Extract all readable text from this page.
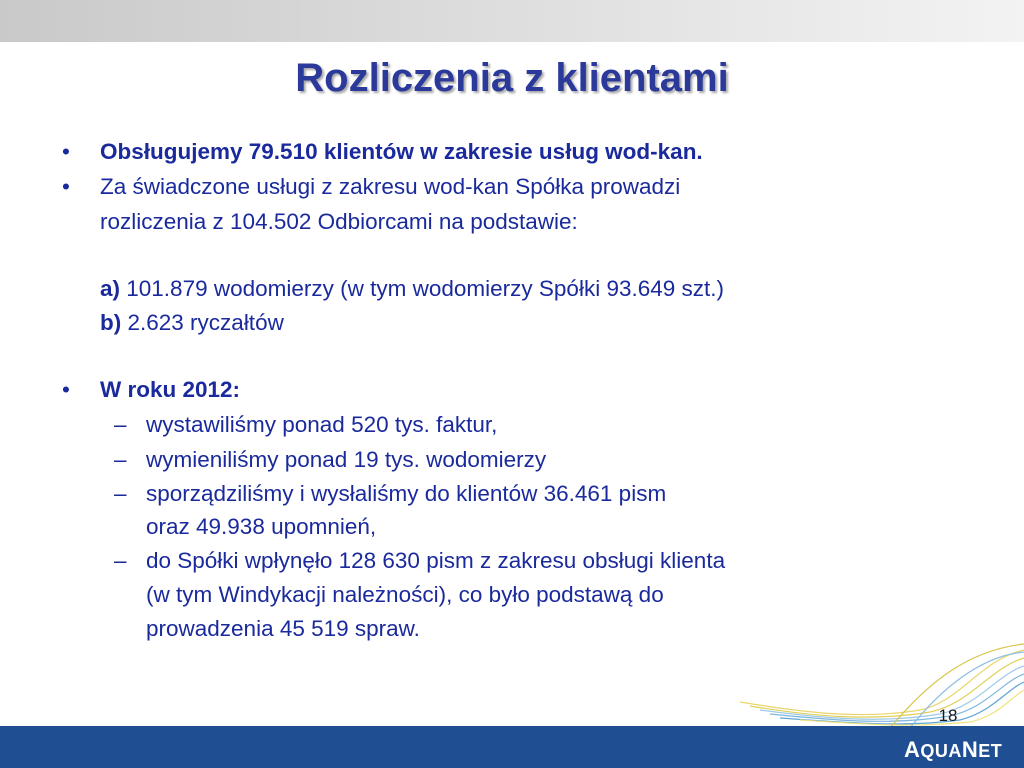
Rozliczenia z klientami
• Obsługujemy 79.510 klientów w zakresie usług wod-kan.
• Za świadczone usługi z zakresu wod-kan Spółka prowadzi
rozliczenia z 104.502 Odbiorcami na podstawie:
a) 101.879 wodomierzy (w tym wodomierzy Spółki 93.649 szt.)
b) 2.623 ryczałtów
• W roku 2012:
– wystawiliśmy ponad 520 tys. faktur,
– wymieniliśmy ponad 19 tys. wodomierzy
– sporządziliśmy i wysłaliśmy do klientów 36.461 pism
oraz 49.938 upomnień,
– do Spółki wpłynęło 128 630 pism z zakresu obsługi klienta
(w tym Windykacji należności), co było podstawą do
prowadzenia 45 519 spraw.
18
AQUANET
